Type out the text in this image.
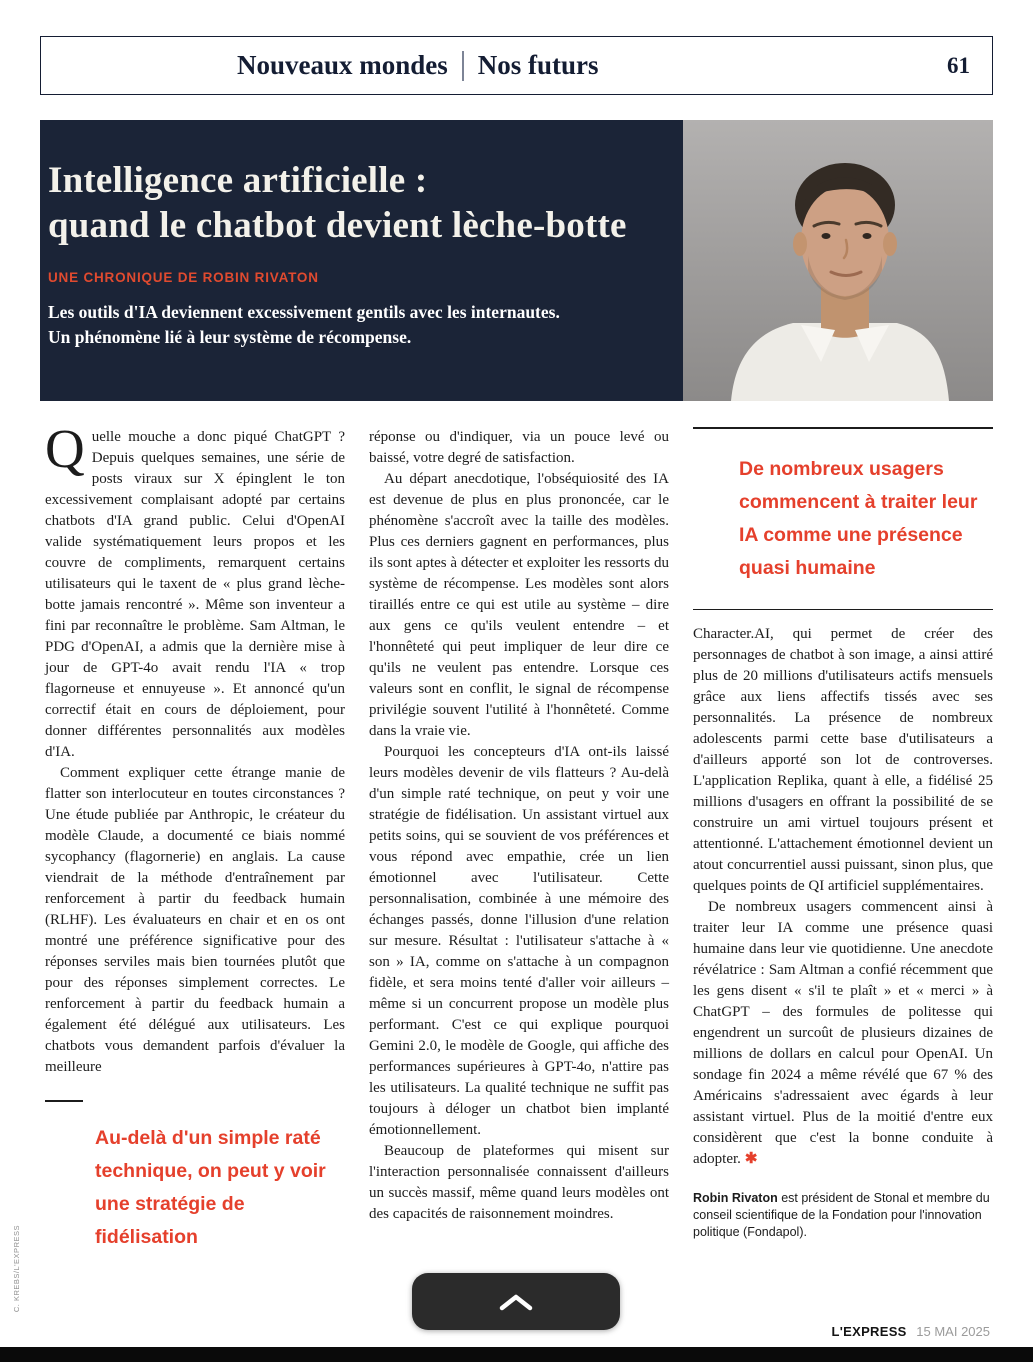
Nouveaux mondes Nos futurs	61
Intelligence artificielle :
quand le chatbot devient lèche-botte
UNE CHRONIQUE DE ROBIN RIVATON
Les outils d'IA deviennent excessivement gentils avec les internautes.
Un phénomène lié à leur système de récompense.

Quelle mouche a donc piqué ChatGPT ? Depuis quelques semaines, une série de posts viraux sur X épinglent le ton excessivement complaisant adopté par certains chatbots d'IA grand public. Celui d'OpenAI valide systématiquement leurs propos et les couvre de compliments, remarquent certains utilisateurs qui le taxent de « plus grand lèche-botte jamais rencontré ». Même son inventeur a fini par reconnaître le problème. Sam Altman, le PDG d'OpenAI, a admis que la dernière mise à jour de GPT-4o avait rendu l'IA « trop flagorneuse et ennuyeuse ». Et annoncé qu'un correctif était en cours de déploiement, pour donner différentes personnalités aux modèles d'IA.

Comment expliquer cette étrange manie de flatter son interlocuteur en toutes circonstances ? Une étude publiée par Anthropic, le créateur du modèle Claude, a documenté ce biais nommé sycophancy (flagornerie) en anglais. La cause viendrait de la méthode d'entraînement par renforcement à partir du feedback humain (RLHF). Les évaluateurs en chair et en os ont montré une préférence significative pour des réponses serviles mais bien tournées plutôt que pour des réponses simplement correctes. Le renforcement à partir du feedback humain a également été délégué aux utilisateurs. Les chatbots vous demandent parfois d'évaluer la meilleure

Au-delà d'un simple raté technique, on peut y voir une stratégie de fidélisation

réponse ou d'indiquer, via un pouce levé ou baissé, votre degré de satisfaction.

Au départ anecdotique, l'obséquiosité des IA est devenue de plus en plus prononcée, car le phénomène s'accroît avec la taille des modèles. Plus ces derniers gagnent en performances, plus ils sont aptes à détecter et exploiter les ressorts du système de récompense. Les modèles sont alors tiraillés entre ce qui est utile au système – dire aux gens ce qu'ils veulent entendre – et l'honnêteté qui peut impliquer de leur dire ce qu'ils ne veulent pas entendre. Lorsque ces valeurs sont en conflit, le signal de récompense privilégie souvent l'utilité à l'honnêteté. Comme dans la vraie vie.

Pourquoi les concepteurs d'IA ont-ils laissé leurs modèles devenir de vils flatteurs ? Au-delà d'un simple raté technique, on peut y voir une stratégie de fidélisation. Un assistant virtuel aux petits soins, qui se souvient de vos préférences et vous répond avec empathie, crée un lien émotionnel avec l'utilisateur. Cette personnalisation, combinée à une mémoire des échanges passés, donne l'illusion d'une relation sur mesure. Résultat : l'utilisateur s'attache à « son » IA, comme on s'attache à un compagnon fidèle, et sera moins tenté d'aller voir ailleurs – même si un concurrent propose un modèle plus performant. C'est ce qui explique pourquoi Gemini 2.0, le modèle de Google, qui affiche des performances supérieures à GPT-4o, n'attire pas les utilisateurs. La qualité technique ne suffit pas toujours à déloger un chatbot bien implanté émotionnellement.

Beaucoup de plateformes qui misent sur l'interaction personnalisée connaissent d'ailleurs un succès massif, même quand leurs modèles ont des capacités de raisonnement moindres.

De nombreux usagers commencent à traiter leur IA comme une présence quasi humaine

Character.AI, qui permet de créer des personnages de chatbot à son image, a ainsi attiré plus de 20 millions d'utilisateurs actifs mensuels grâce aux liens affectifs tissés avec ses personnalités. La présence de nombreux adolescents parmi cette base d'utilisateurs a d'ailleurs apporté son lot de controverses. L'application Replika, quant à elle, a fidélisé 25 millions d'usagers en offrant la possibilité de se construire un ami virtuel toujours présent et attentionné. L'attachement émotionnel devient un atout concurrentiel aussi puissant, sinon plus, que quelques points de QI artificiel supplémentaires.

De nombreux usagers commencent ainsi à traiter leur IA comme une présence quasi humaine dans leur vie quotidienne. Une anecdote révélatrice : Sam Altman a confié récemment que les gens disent « s'il te plaît » et « merci » à ChatGPT – des formules de politesse qui engendrent un surcoût de plusieurs dizaines de millions de dollars en calcul pour OpenAI. Un sondage fin 2024 a même révélé que 67 % des Américains s'adressaient avec égards à leur assistant virtuel. Plus de la moitié d'entre eux considèrent que c'est la bonne conduite à adopter. ✱

Robin Rivaton est président de Stonal et membre du conseil scientifique de la Fondation pour l'innovation politique (Fondapol).
C. KREBS/L'EXPRESS
L'EXPRESS 15 MAI 2025
